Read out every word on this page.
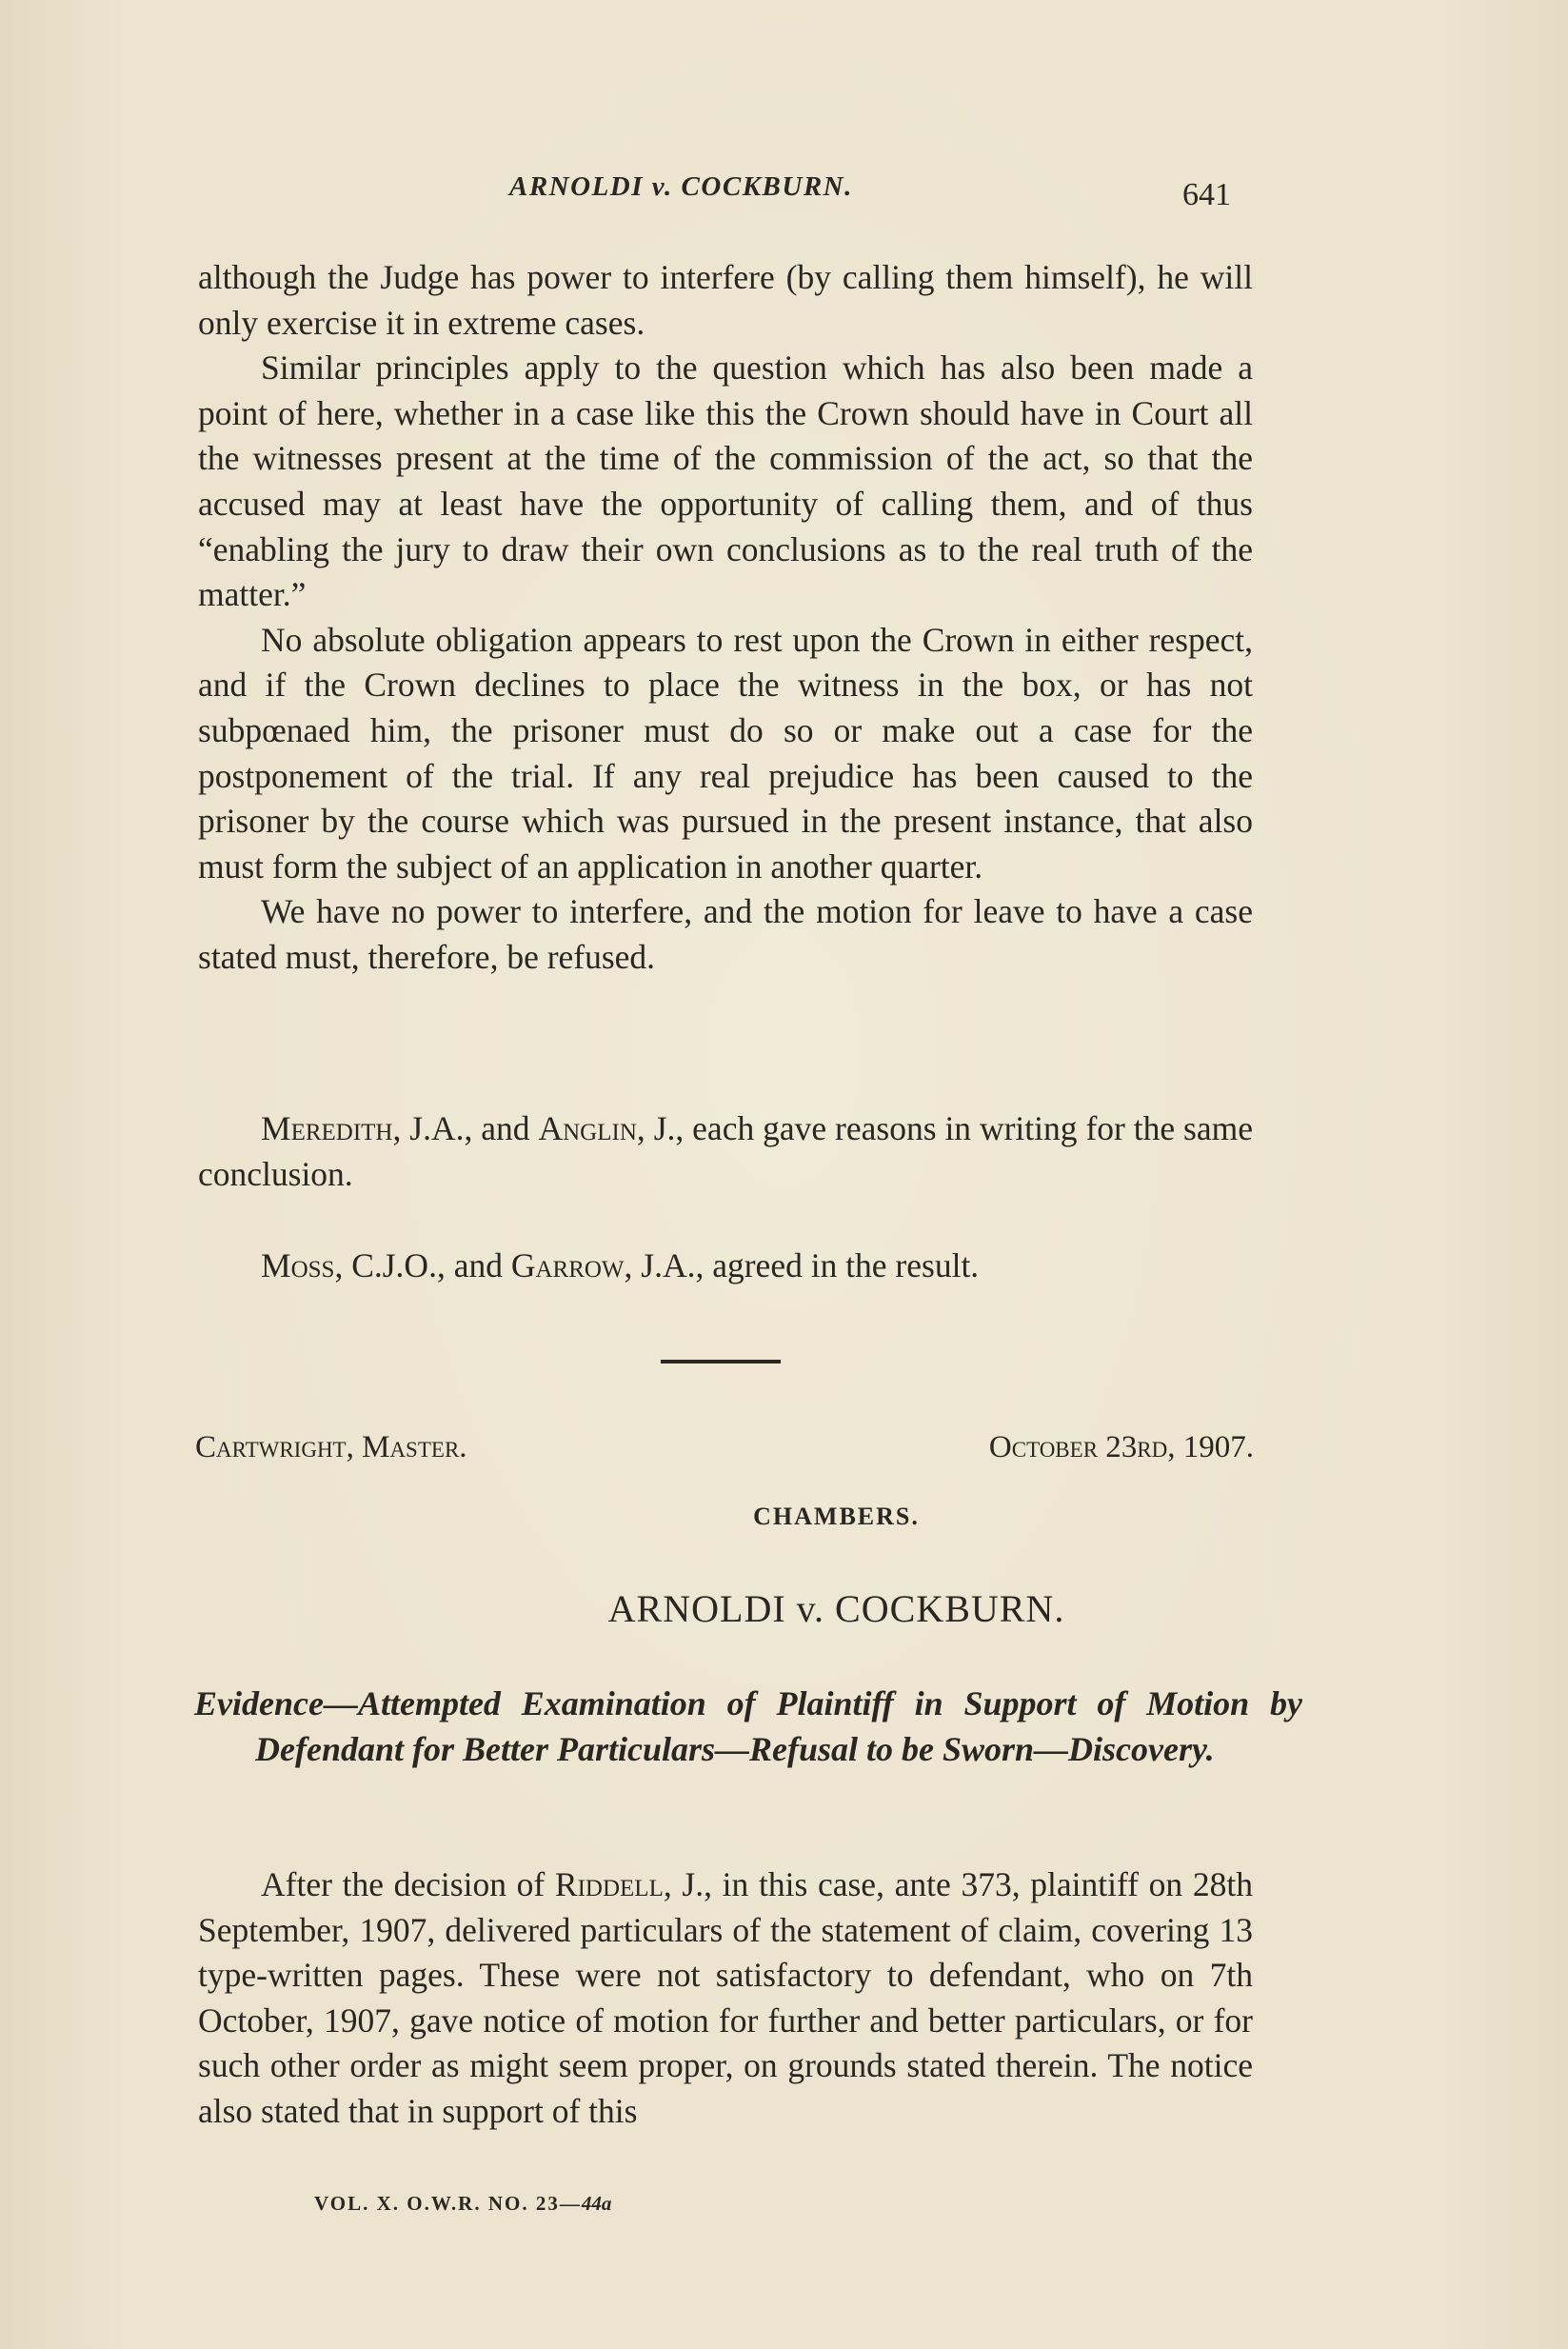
ARNOLDI v. COCKBURN.	641

although the Judge has power to interfere (by calling them himself), he will only exercise it in extreme cases.

Similar principles apply to the question which has also been made a point of here, whether in a case like this the Crown should have in Court all the witnesses present at the time of the commission of the act, so that the accused may at least have the opportunity of calling them, and of thus “enabling the jury to draw their own conclusions as to the real truth of the matter.”

No absolute obligation appears to rest upon the Crown in either respect, and if the Crown declines to place the witness in the box, or has not subpœnaed him, the prisoner must do so or make out a case for the postponement of the trial. If any real prejudice has been caused to the prisoner by the course which was pursued in the present instance, that also must form the subject of an application in another quarter.

We have no power to interfere, and the motion for leave to have a case stated must, therefore, be refused.

Meredith, J.A., and Anglin, J., each gave reasons in writing for the same conclusion.

Moss, C.J.O., and Garrow, J.A., agreed in the result.

Cartwright, Master.	October 23rd, 1907.
CHAMBERS.
ARNOLDI v. COCKBURN.
Evidence—Attempted Examination of Plaintiff in Support of Motion by Defendant for Better Particulars—Refusal to be Sworn—Discovery.

After the decision of Riddell, J., in this case, ante 373, plaintiff on 28th September, 1907, delivered particulars of the statement of claim, covering 13 type-written pages. These were not satisfactory to defendant, who on 7th October, 1907, gave notice of motion for further and better particulars, or for such other order as might seem proper, on grounds stated therein. The notice also stated that in support of this

VOL. X. O.W.R. NO. 23—44a
